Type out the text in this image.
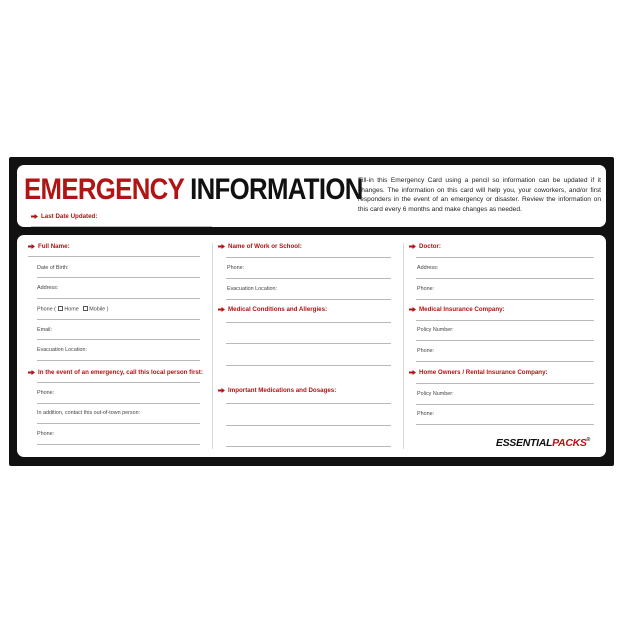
EMERGENCY INFORMATION
Last Date Updated:

Fill-in this Emergency Card using a pencil so information can be updated if it changes. The information on this card will help you, your coworkers, and/or first responders in the event of an emergency or disaster. Review the information on this card every 6 months and make changes as needed.

Full Name:
Date of Birth:
Address:
Phone ( Home Mobile )
Email:
Evacuation Location:
In the event of an emergency, call this local person first:
Phone:
In addition, contact this out-of-town person:
Phone:
Name of Work or School:
Phone:
Evacuation Location:
Medical Conditions and Allergies:
Important Medications and Dosages:
Doctor:
Address:
Phone:
Medical Insurance Company:
Policy Number:
Phone:
Home Owners / Rental Insurance Company:
Policy Number:
Phone:
ESSENTIALPACKS®
